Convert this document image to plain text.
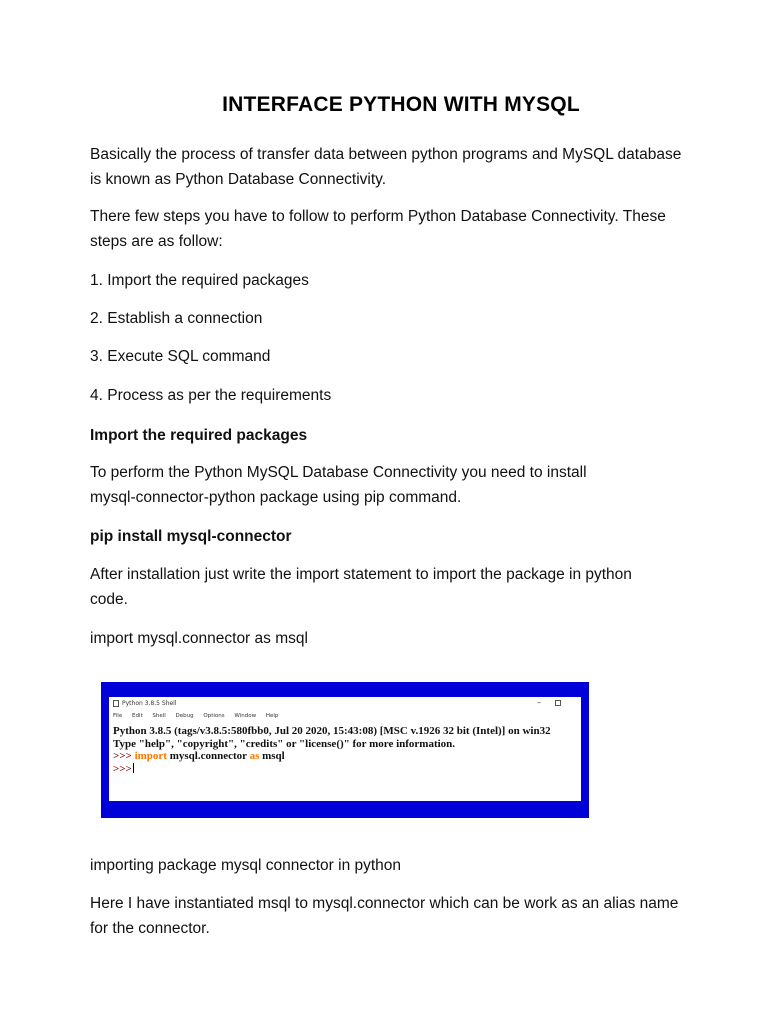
INTERFACE PYTHON WITH MYSQL
Basically the process of transfer data between python programs and MySQL database
is known as Python Database Connectivity.
There few steps you have to follow to perform Python Database Connectivity. These
steps are as follow:
1. Import the required packages
2. Establish a connection
3. Execute SQL command
4. Process as per the requirements
Import the required packages
To perform the Python MySQL Database Connectivity you need to install
mysql-connector-python package using pip command.
pip install mysql-connector
After installation just write the import statement to import the package in python
code.
import mysql.connector as msql
Python 3.8.5 Shell	–
File Edit Shell Debug Options Window Help
Python 3.8.5 (tags/v3.8.5:580fbb0, Jul 20 2020, 15:43:08) [MSC v.1926 32 bit (Intel)] on win32
Type "help", "copyright", "credits" or "license()" for more information.
>>> import mysql.connector as msql
>>>
importing package mysql connector in python
Here I have instantiated msql to mysql.connector which can be work as an alias name
for the connector.
